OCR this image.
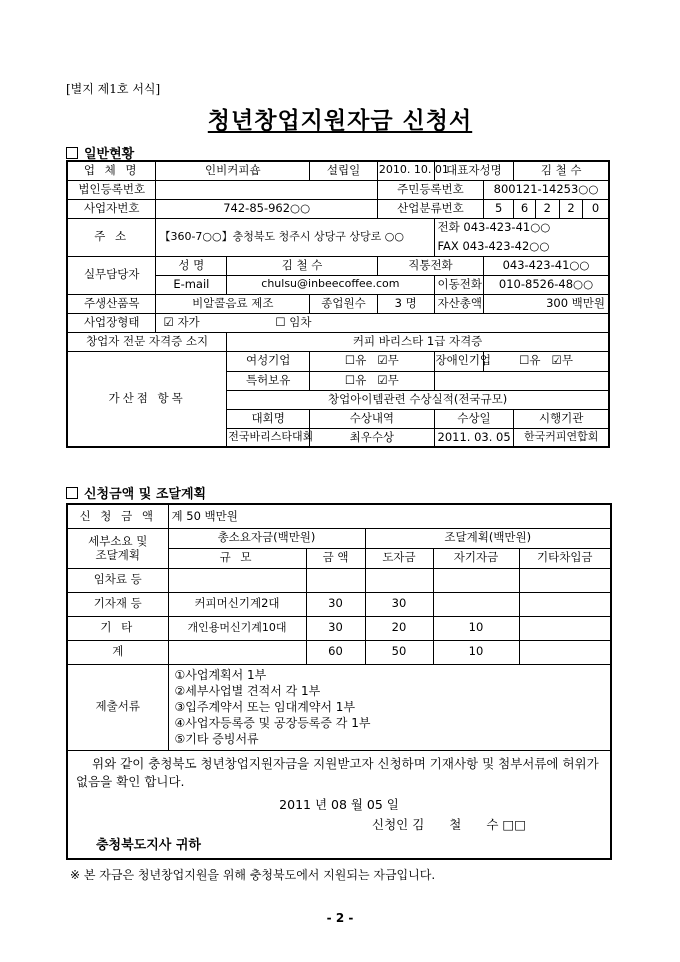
[별지 제1호 서식]
청년창업지원자금 신청서
일반현황
업 체 명	인비커피숍		설립일	2010. 10. 01	대표자성명		김 철 수			
법인등록번호				주민등록번호		800121-14253○○				
사업자번호	742-85-962○○			산업분류번호		5	6	2	2	0
주 소	【360-7○○】충청북도 청주시 상당구 상당로 ○○				전화 043-423-41○○					
					FAX 043-423-42○○					
실무담당자	성 명	김 철 수		직통전화		043-423-41○○				
	E-mail	chulsu@inbeecoffee.com			이동전화	010-8526-48○○				
주생산품목	비알콜음료 제조		종업원수	3 명	자산총액	300 백만원				
사업장형태	☑ 자가 ☐ 임차									
창업자 전문 자격증 소지		커피 바리스타 1급 자격증								
가산점 항목		여성기업	☐유 ☑무		장애인기업	☐유 ☑무				
		특허보유	☐유 ☑무							
		창업아이템관련 수상실적(전국규모)								
		대회명	수상내역		수상일		시행기관			
		전국바리스타대회	최우수상		2011. 03. 05		한국커피연합회			
신청금액 및 조달계획
신 청 금 액	계 50 백만원				

세부소요 및
조달계획	총소요자금(백만원)		조달계획(백만원)		
	규 모	금 액	도자금	자기자금	기타차입금
임차료 등					
기자재 등	커피머신기계2대	30	30		
기 타	개인용머신기계10대	30	20	10	
계		60	50	10	
제출서류	①사업계획서 1부
②세부사업별 견적서 각 1부
③입주계약서 또는 임대계약서 1부
④사업자등록증 및 공장등록증 각 1부
⑤기타 증빙서류				

위와 같이 충청북도 청년창업지원자금을 지원받고자 신청하며 기재사항 및 첨부서류에 허위가 없음을 확인 합니다.
2011 년 08 월 05 일
신청인 김　　철　　수 □□
충청북도지사 귀하					
※ 본 자금은 청년창업지원을 위해 충청북도에서 지원되는 자금입니다.
- 2 -
